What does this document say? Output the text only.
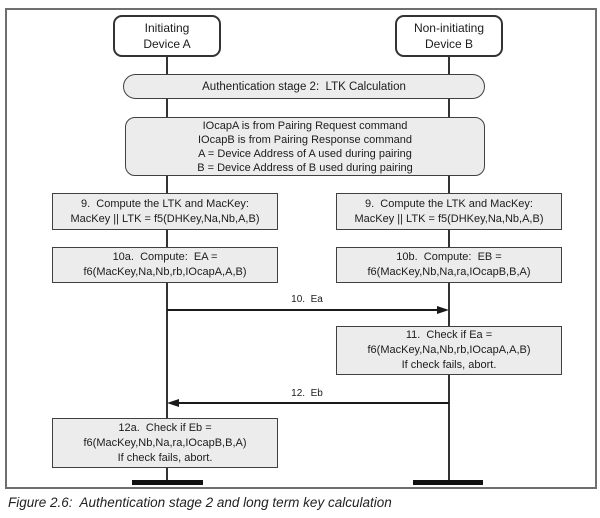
Initiating
Device A
Non-initiating
Device B
Authentication stage 2:  LTK Calculation
IOcapA is from Pairing Request command
IOcapB is from Pairing Response command
A = Device Address of A used during pairing
B = Device Address of B used during pairing
9.  Compute the LTK and MacKey:
MacKey || LTK = f5(DHKey,Na,Nb,A,B)
9.  Compute the LTK and MacKey:
MacKey || LTK = f5(DHKey,Na,Nb,A,B)
10a.  Compute:  EA =
f6(MacKey,Na,Nb,rb,IOcapA,A,B)
10b.  Compute:  EB =
f6(MacKey,Nb,Na,ra,IOcapB,B,A)
10.  Ea
11.  Check if Ea =
f6(MacKey,Na,Nb,rb,IOcapA,A,B)
If check fails, abort.
12.  Eb
12a.  Check if Eb =
f6(MacKey,Nb,Na,ra,IOcapB,B,A)
If check fails, abort.
Figure 2.6:  Authentication stage 2 and long term key calculation
